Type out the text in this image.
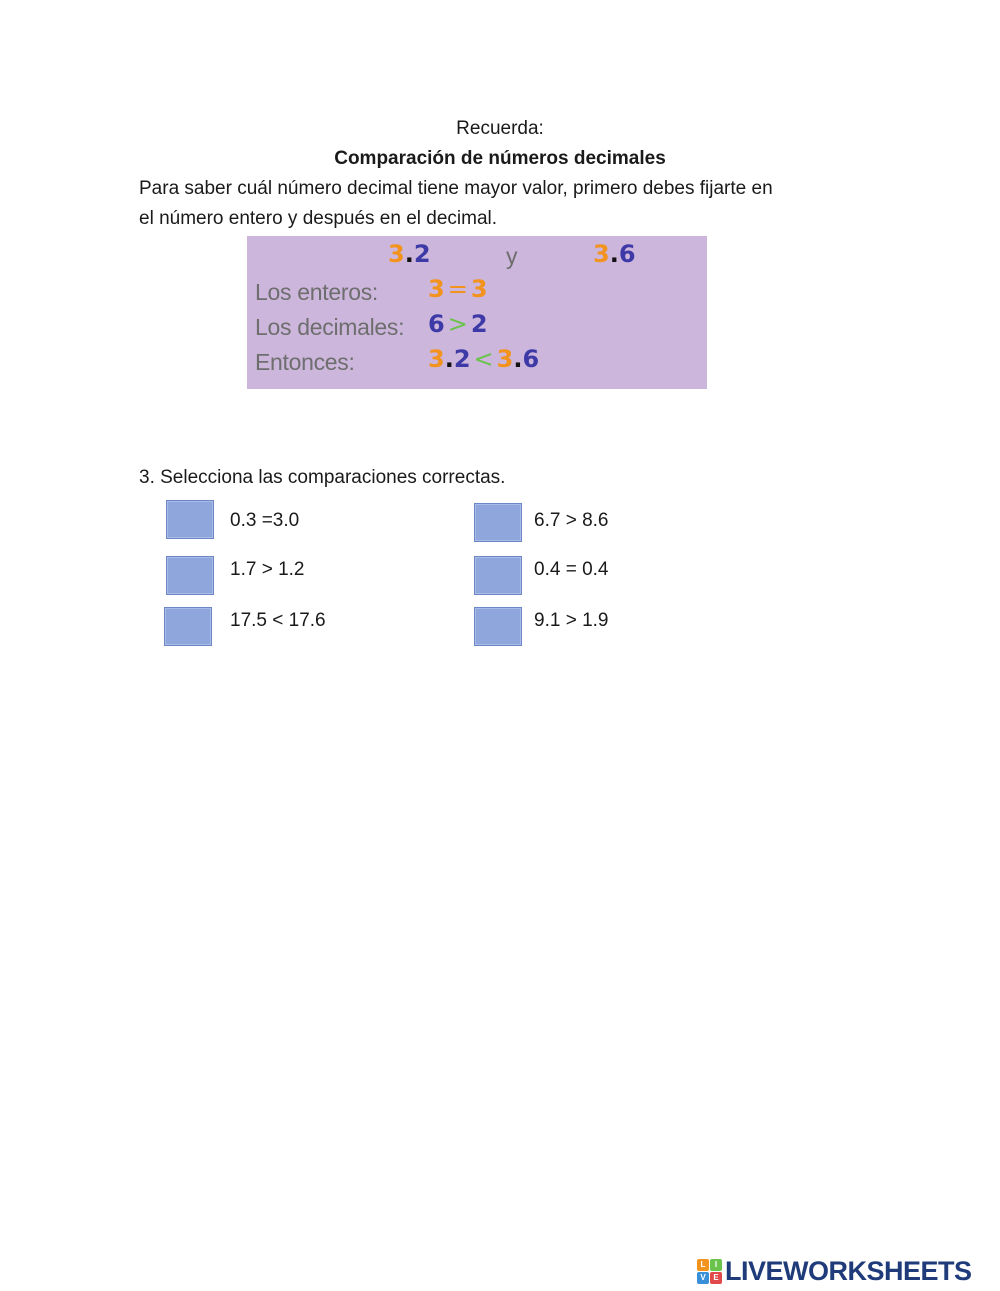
Recuerda:
Comparación de números decimales
Para saber cuál número decimal tiene mayor valor, primero debes fijarte en
el número entero y después en el decimal.
3.2	y	3.6
Los enteros: 3 = 3
Los decimales: 6 > 2
Entonces:	3.2 < 3.6
3. Selecciona las comparaciones correctas.
0.3 =3.0
1.7 > 1.2
17.5 < 17.6
6.7 > 8.6
0.4 = 0.4
9.1 > 1.9
L	I
V E LIVEWORKSHEETS
